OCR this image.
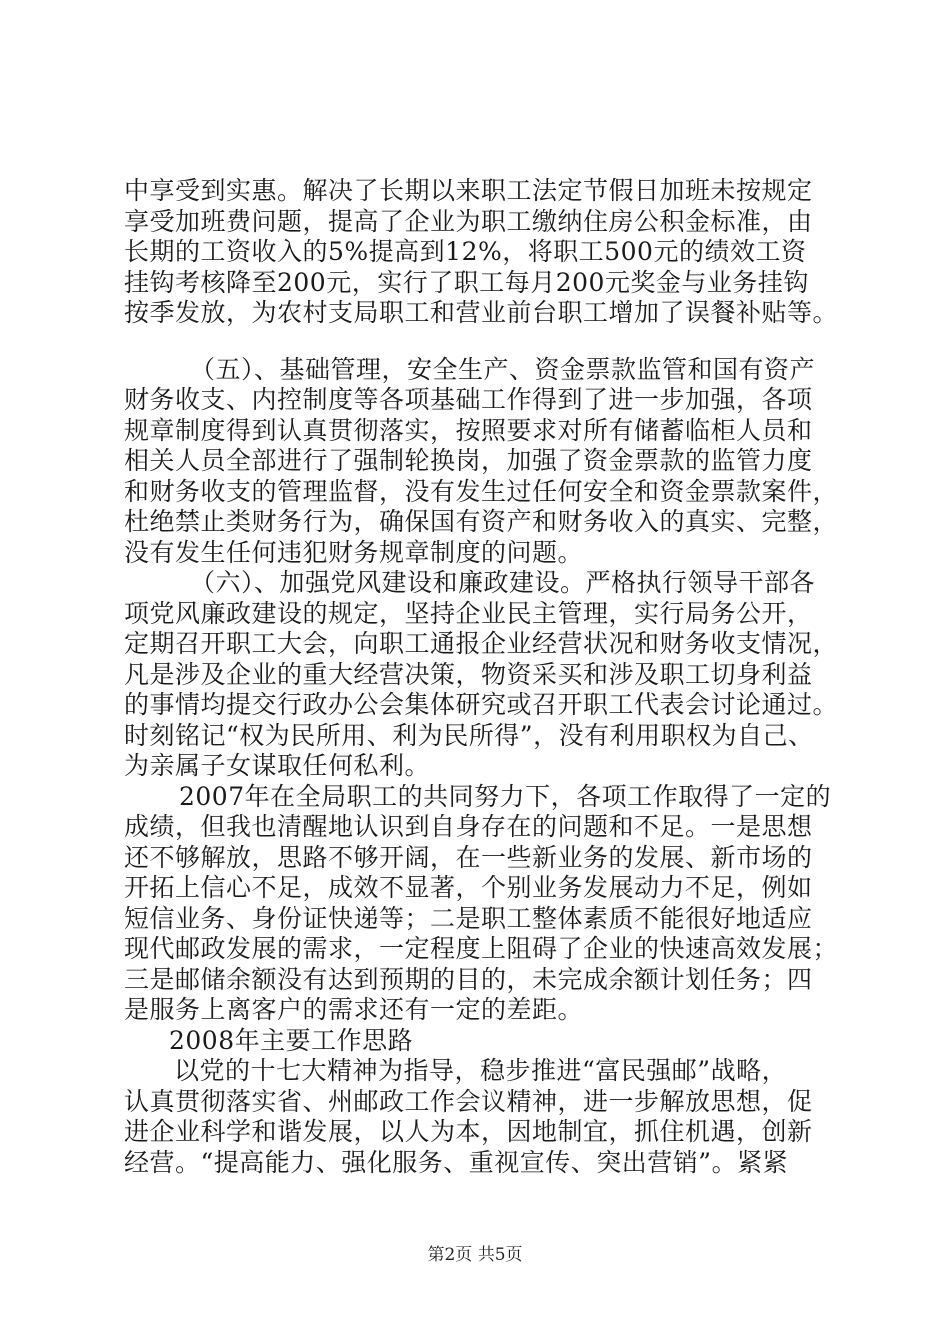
中享受到实惠。解决了长期以来职工法定节假日加班未按规定
享受加班费问题，提高了企业为职工缴纳住房公积金标准，由
长期的工资收入的5%提高到12%，将职工500元的绩效工资
挂钩考核降至200元，实行了职工每月200元奖金与业务挂钩
按季发放，为农村支局职工和营业前台职工增加了误餐补贴等。
（五）、基础管理，安全生产、资金票款监管和国有资产
财务收支、内控制度等各项基础工作得到了进一步加强，各项
规章制度得到认真贯彻落实，按照要求对所有储蓄临柜人员和
相关人员全部进行了强制轮换岗，加强了资金票款的监管力度
和财务收支的管理监督，没有发生过任何安全和资金票款案件，
杜绝禁止类财务行为，确保国有资产和财务收入的真实、完整，
没有发生任何违犯财务规章制度的问题。
（六）、加强党风建设和廉政建设。严格执行领导干部各
项党风廉政建设的规定，坚持企业民主管理，实行局务公开，
定期召开职工大会，向职工通报企业经营状况和财务收支情况，
凡是涉及企业的重大经营决策，物资采买和涉及职工切身利益
的事情均提交行政办公会集体研究或召开职工代表会讨论通过。
时刻铭记“权为民所用、利为民所得”，没有利用职权为自己、
为亲属子女谋取任何私利。
2007年在全局职工的共同努力下，各项工作取得了一定的
成绩，但我也清醒地认识到自身存在的问题和不足。一是思想
还不够解放，思路不够开阔，在一些新业务的发展、新市场的
开拓上信心不足，成效不显著，个别业务发展动力不足，例如
短信业务、身份证快递等；二是职工整体素质不能很好地适应
现代邮政发展的需求，一定程度上阻碍了企业的快速高效发展；
三是邮储余额没有达到预期的目的，未完成余额计划任务；四
是服务上离客户的需求还有一定的差距。
2008年主要工作思路
以党的十七大精神为指导，稳步推进“富民强邮”战略，
认真贯彻落实省、州邮政工作会议精神，进一步解放思想，促
进企业科学和谐发展，以人为本，因地制宜，抓住机遇，创新
经营。“提高能力、强化服务、重视宣传、突出营销”。紧紧
第2页 共5页
